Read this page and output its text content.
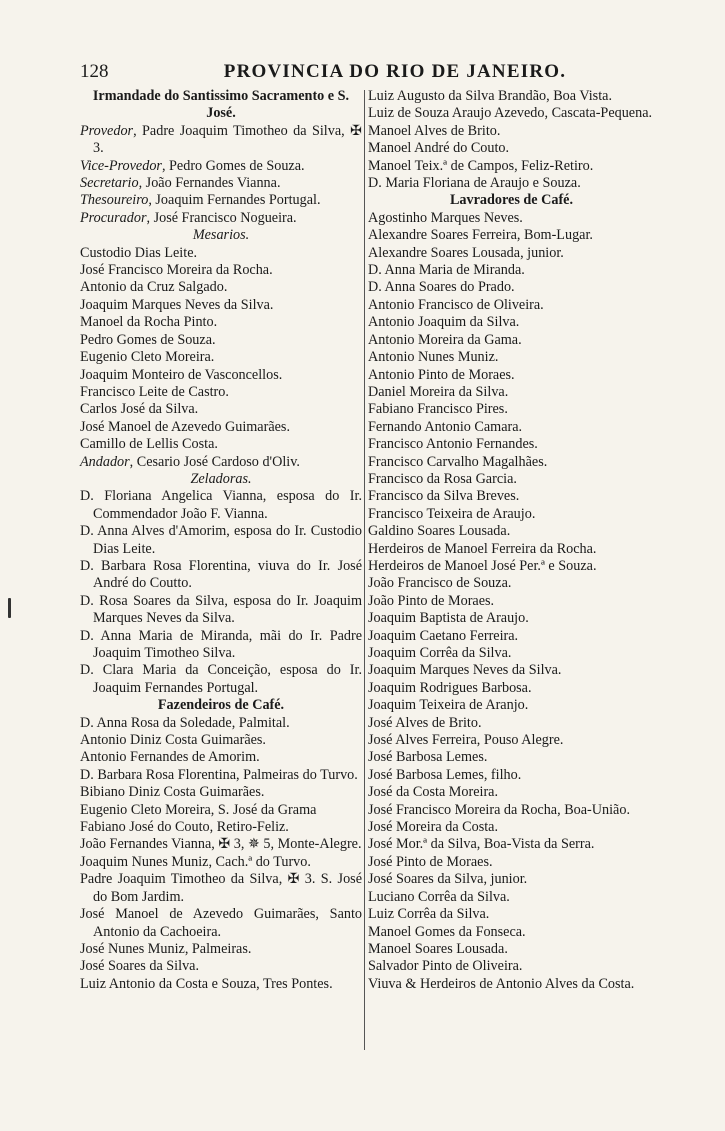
128	PROVINCIA DO RIO DE JANEIRO.

Irmandade do Santissimo Sacramento e S. José.

Provedor, Padre Joaquim Timotheo da Silva, ✠ 3.

Vice-Provedor, Pedro Gomes de Souza.

Secretario, João Fernandes Vianna.

Thesoureiro, Joaquim Fernandes Portugal.

Procurador, José Francisco Nogueira.

Mesarios.

Custodio Dias Leite.

José Francisco Moreira da Rocha.

Antonio da Cruz Salgado.

Joaquim Marques Neves da Silva.

Manoel da Rocha Pinto.

Pedro Gomes de Souza.

Eugenio Cleto Moreira.

Joaquim Monteiro de Vasconcellos.

Francisco Leite de Castro.

Carlos José da Silva.

José Manoel de Azevedo Guimarães.

Camillo de Lellis Costa.

Andador, Cesario José Cardoso d'Oliv.

Zeladoras.

D. Floriana Angelica Vianna, esposa do Ir. Commendador João F. Vianna.

D. Anna Alves d'Amorim, esposa do Ir. Custodio Dias Leite.

D. Barbara Rosa Florentina, viuva do Ir. José André do Coutto.

D. Rosa Soares da Silva, esposa do Ir. Joaquim Marques Neves da Silva.

D. Anna Maria de Miranda, mãi do Ir. Padre Joaquim Timotheo Silva.

D. Clara Maria da Conceição, esposa do Ir. Joaquim Fernandes Portugal.

Fazendeiros de Café.

D. Anna Rosa da Soledade, Palmital.

Antonio Diniz Costa Guimarães.

Antonio Fernandes de Amorim.

D. Barbara Rosa Florentina, Palmeiras do Turvo.

Bibiano Diniz Costa Guimarães.

Eugenio Cleto Moreira, S. José da Grama

Fabiano José do Couto, Retiro-Feliz.

João Fernandes Vianna, ✠ 3, ✵ 5, Monte-Alegre.

Joaquim Nunes Muniz, Cach.ª do Turvo.

Padre Joaquim Timotheo da Silva, ✠ 3. S. José do Bom Jardim.

José Manoel de Azevedo Guimarães, Santo Antonio da Cachoeira.

José Nunes Muniz, Palmeiras.

José Soares da Silva.

Luiz Antonio da Costa e Souza, Tres Pontes.

Luiz Augusto da Silva Brandão, Boa Vista.

Luiz de Souza Araujo Azevedo, Cascata-Pequena.

Manoel Alves de Brito.

Manoel André do Couto.

Manoel Teix.ª de Campos, Feliz-Retiro.

D. Maria Floriana de Araujo e Souza.

Lavradores de Café.

Agostinho Marques Neves.

Alexandre Soares Ferreira, Bom-Lugar.

Alexandre Soares Lousada, junior.

D. Anna Maria de Miranda.

D. Anna Soares do Prado.

Antonio Francisco de Oliveira.

Antonio Joaquim da Silva.

Antonio Moreira da Gama.

Antonio Nunes Muniz.

Antonio Pinto de Moraes.

Daniel Moreira da Silva.

Fabiano Francisco Pires.

Fernando Antonio Camara.

Francisco Antonio Fernandes.

Francisco Carvalho Magalhães.

Francisco da Rosa Garcia.

Francisco da Silva Breves.

Francisco Teixeira de Araujo.

Galdino Soares Lousada.

Herdeiros de Manoel Ferreira da Rocha.

Herdeiros de Manoel José Per.ª e Souza.

João Francisco de Souza.

João Pinto de Moraes.

Joaquim Baptista de Araujo.

Joaquim Caetano Ferreira.

Joaquim Corrêa da Silva.

Joaquim Marques Neves da Silva.

Joaquim Rodrigues Barbosa.

Joaquim Teixeira de Aranjo.

José Alves de Brito.

José Alves Ferreira, Pouso Alegre.

José Barbosa Lemes.

José Barbosa Lemes, filho.

José da Costa Moreira.

José Francisco Moreira da Rocha, Boa-União.

José Moreira da Costa.

José Mor.ª da Silva, Boa-Vista da Serra.

José Pinto de Moraes.

José Soares da Silva, junior.

Luciano Corrêa da Silva.

Luiz Corrêa da Silva.

Manoel Gomes da Fonseca.

Manoel Soares Lousada.

Salvador Pinto de Oliveira.

Viuva & Herdeiros de Antonio Alves da Costa.
